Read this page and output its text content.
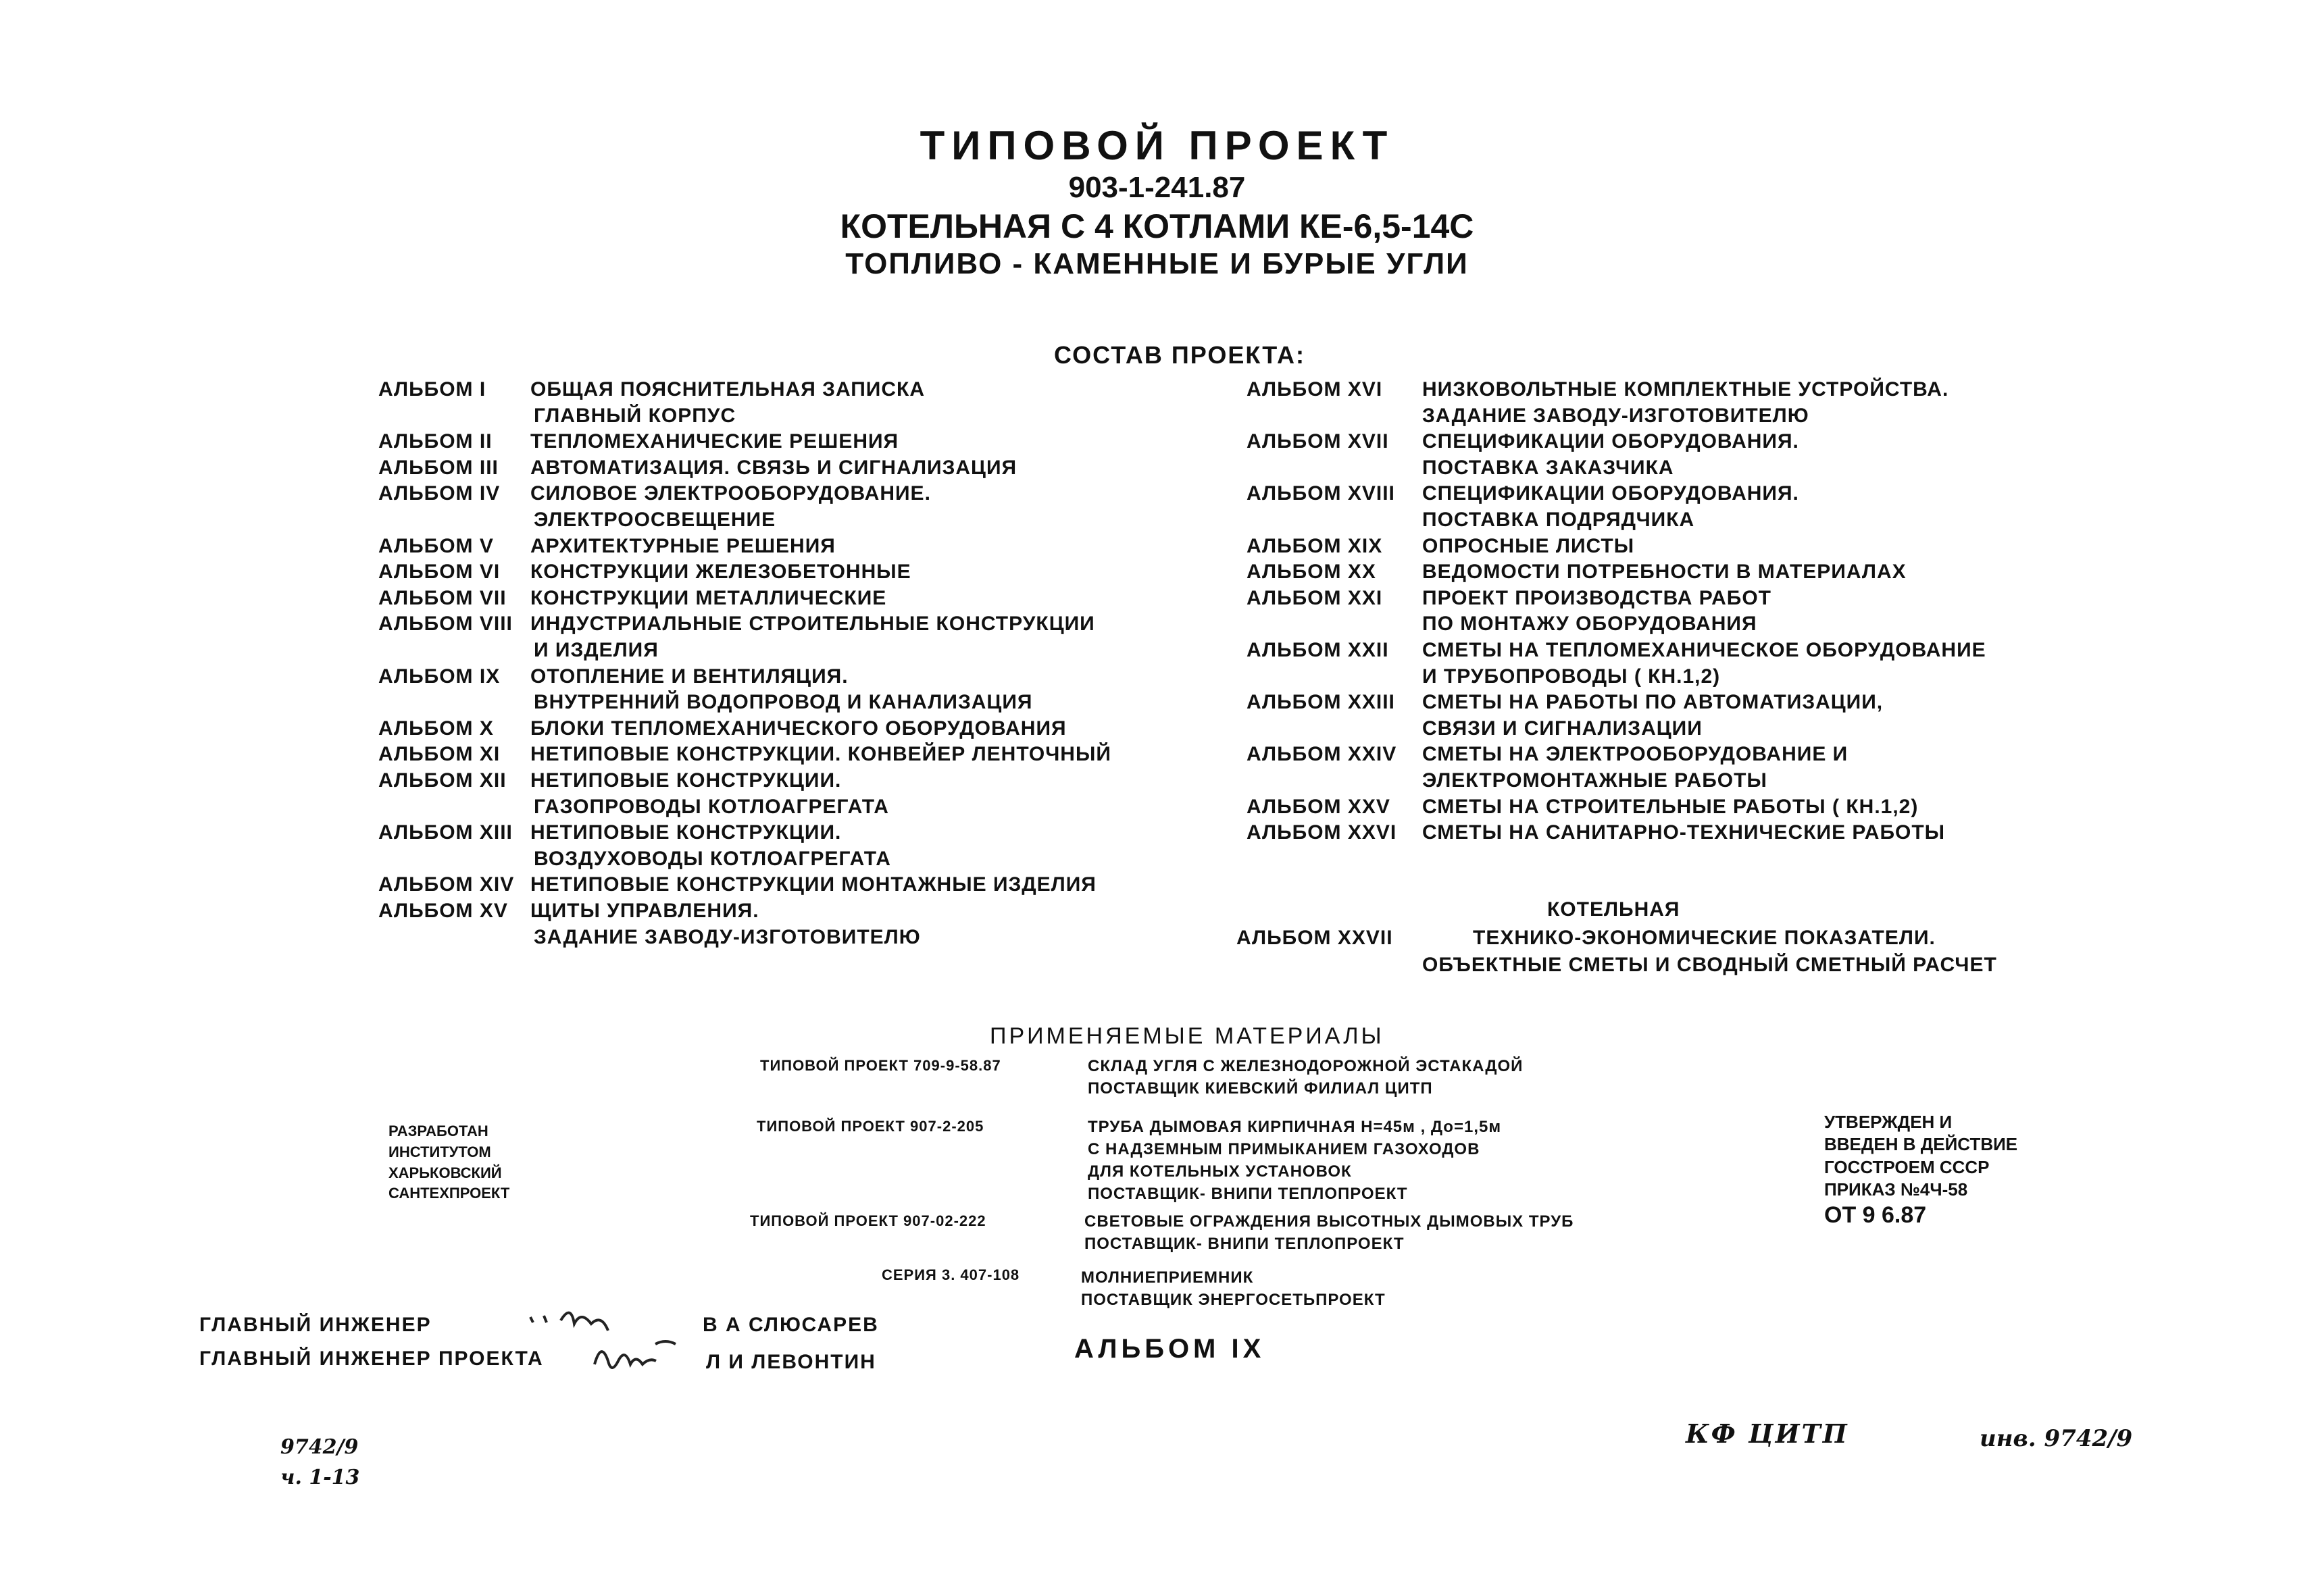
ТИПОВОЙ ПРОЕКТ
903-1-241.87
КОТЕЛЬНАЯ С 4 КОТЛАМИ КЕ-6,5-14С
ТОПЛИВО - КАМЕННЫЕ И БУРЫЕ УГЛИ
СОСТАВ ПРОЕКТА:
АЛЬБОМ I ОБЩАЯ ПОЯСНИТЕЛЬНАЯ ЗАПИСКА
ГЛАВНЫЙ КОРПУС
АЛЬБОМ II ТЕПЛОМЕХАНИЧЕСКИЕ РЕШЕНИЯ
АЛЬБОМ III АВТОМАТИЗАЦИЯ. СВЯЗЬ И СИГНАЛИЗАЦИЯ
АЛЬБОМ IV СИЛОВОЕ ЭЛЕКТРООБОРУДОВАНИЕ.
ЭЛЕКТРООСВЕЩЕНИЕ
АЛЬБОМ V АРХИТЕКТУРНЫЕ РЕШЕНИЯ
АЛЬБОМ VI КОНСТРУКЦИИ ЖЕЛЕЗОБЕТОННЫЕ
АЛЬБОМ VII КОНСТРУКЦИИ МЕТАЛЛИЧЕСКИЕ
АЛЬБОМ VIII ИНДУСТРИАЛЬНЫЕ СТРОИТЕЛЬНЫЕ КОНСТРУКЦИИ
И ИЗДЕЛИЯ
АЛЬБОМ IX ОТОПЛЕНИЕ И ВЕНТИЛЯЦИЯ.
ВНУТРЕННИЙ ВОДОПРОВОД И КАНАЛИЗАЦИЯ
АЛЬБОМ X БЛОКИ ТЕПЛОМЕХАНИЧЕСКОГО ОБОРУДОВАНИЯ
АЛЬБОМ XI НЕТИПОВЫЕ КОНСТРУКЦИИ. КОНВЕЙЕР ЛЕНТОЧНЫЙ
АЛЬБОМ XII НЕТИПОВЫЕ КОНСТРУКЦИИ.
ГАЗОПРОВОДЫ КОТЛОАГРЕГАТА
АЛЬБОМ XIII НЕТИПОВЫЕ КОНСТРУКЦИИ.
ВОЗДУХОВОДЫ КОТЛОАГРЕГАТА
АЛЬБОМ XIV НЕТИПОВЫЕ КОНСТРУКЦИИ МОНТАЖНЫЕ ИЗДЕЛИЯ
АЛЬБОМ XV ЩИТЫ УПРАВЛЕНИЯ.
ЗАДАНИЕ ЗАВОДУ-ИЗГОТОВИТЕЛЮ
АЛЬБОМ XVI НИЗКОВОЛЬТНЫЕ КОМПЛЕКТНЫЕ УСТРОЙСТВА.
ЗАДАНИЕ ЗАВОДУ-ИЗГОТОВИТЕЛЮ
АЛЬБОМ XVII СПЕЦИФИКАЦИИ ОБОРУДОВАНИЯ.
ПОСТАВКА ЗАКАЗЧИКА
АЛЬБОМ XVIII СПЕЦИФИКАЦИИ ОБОРУДОВАНИЯ.
ПОСТАВКА ПОДРЯДЧИКА
АЛЬБОМ XIX ОПРОСНЫЕ ЛИСТЫ
АЛЬБОМ XX ВЕДОМОСТИ ПОТРЕБНОСТИ В МАТЕРИАЛАХ
АЛЬБОМ XXI ПРОЕКТ ПРОИЗВОДСТВА РАБОТ
ПО МОНТАЖУ ОБОРУДОВАНИЯ
АЛЬБОМ XXII СМЕТЫ НА ТЕПЛОМЕХАНИЧЕСКОЕ ОБОРУДОВАНИЕ
И ТРУБОПРОВОДЫ ( КН.1,2)
АЛЬБОМ XXIII СМЕТЫ НА РАБОТЫ ПО АВТОМАТИЗАЦИИ,
СВЯЗИ И СИГНАЛИЗАЦИИ
АЛЬБОМ XXIV СМЕТЫ НА ЭЛЕКТРООБОРУДОВАНИЕ И
ЭЛЕКТРОМОНТАЖНЫЕ РАБОТЫ
АЛЬБОМ XXV СМЕТЫ НА СТРОИТЕЛЬНЫЕ РАБОТЫ ( КН.1,2)
АЛЬБОМ XXVI СМЕТЫ НА САНИТАРНО-ТЕХНИЧЕСКИЕ РАБОТЫ
КОТЕЛЬНАЯ
АЛЬБОМ XXVII	ТЕХНИКО-ЭКОНОМИЧЕСКИЕ ПОКАЗАТЕЛИ.
ОБЪЕКТНЫЕ СМЕТЫ И СВОДНЫЙ СМЕТНЫЙ РАСЧЕТ
ПРИМЕНЯЕМЫЕ МАТЕРИАЛЫ
ТИПОВОЙ ПРОЕКТ 709-9-58.87	СКЛАД УГЛЯ С ЖЕЛЕЗНОДОРОЖНОЙ ЭСТАКАДОЙ
ПОСТАВЩИК КИЕВСКИЙ ФИЛИАЛ ЦИТП
ТИПОВОЙ ПРОЕКТ 907-2-205	ТРУБА ДЫМОВАЯ КИРПИЧНАЯ Н=45м , До=1,5м
С НАДЗЕМНЫМ ПРИМЫКАНИЕМ ГАЗОХОДОВ
ДЛЯ КОТЕЛЬНЫХ УСТАНОВОК
ПОСТАВЩИК- ВНИПИ ТЕПЛОПРОЕКТ
ТИПОВОЙ ПРОЕКТ 907-02-222	СВЕТОВЫЕ ОГРАЖДЕНИЯ ВЫСОТНЫХ ДЫМОВЫХ ТРУБ
ПОСТАВЩИК- ВНИПИ ТЕПЛОПРОЕКТ
СЕРИЯ 3. 407-108	МОЛНИЕПРИЕМНИК
ПОСТАВЩИК ЭНЕРГОСЕТЬПРОЕКТ
РАЗРАБОТАН
ИНСТИТУТОМ
ХАРЬКОВСКИЙ
САНТЕХПРОЕКТ
УТВЕРЖДЕН И
ВВЕДЕН В ДЕЙСТВИЕ
ГОССТРОЕМ СССР
ПРИКАЗ №4Ч-58
ОТ 9 6.87
ГЛАВНЫЙ ИНЖЕНЕР	В А СЛЮСАРЕВ
ГЛАВНЫЙ ИНЖЕНЕР ПРОЕКТА	Л И ЛЕВОНТИН	АЛЬБОМ IX
КФ ЦИТП	инв. 9742/9
9742/9
ч. 1-13
